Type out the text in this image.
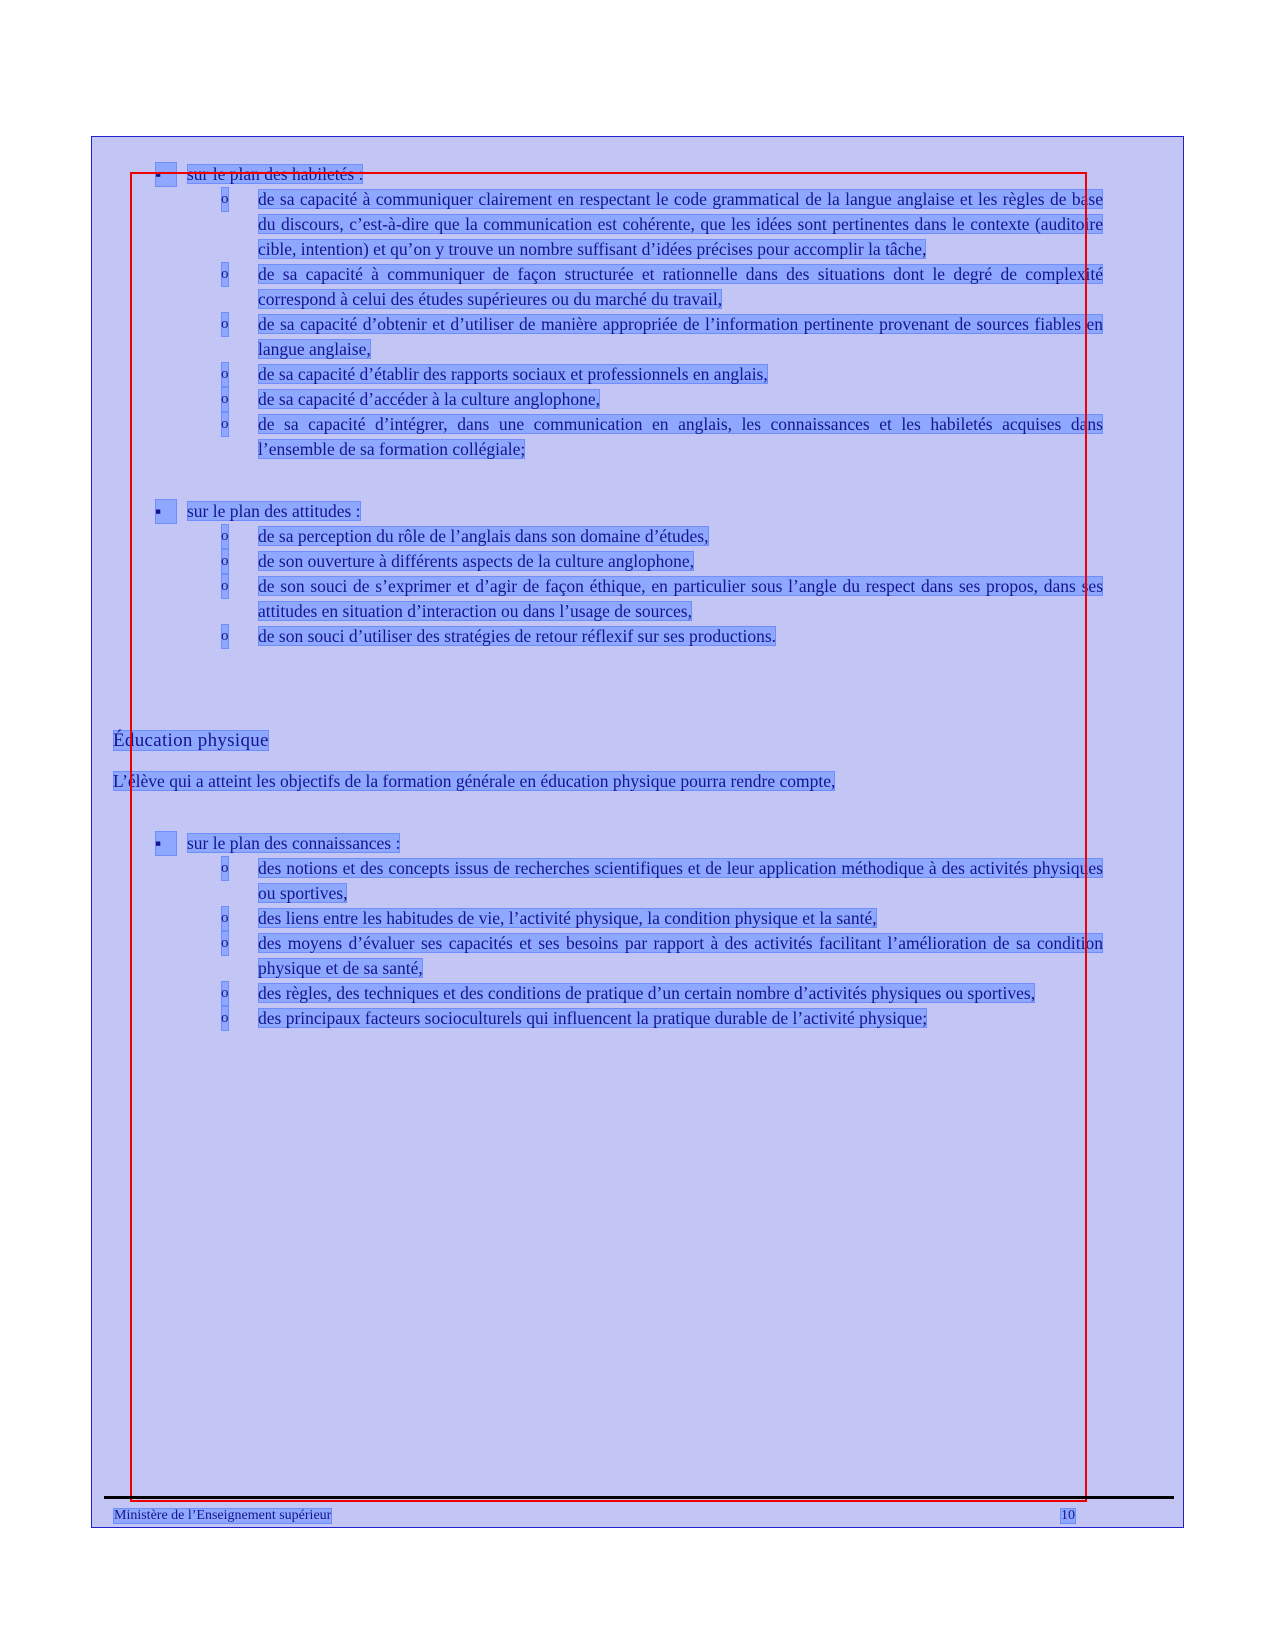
▪	sur le plan des habiletés :
o de sa capacité à communiquer clairement en respectant le code grammatical de la langue anglaise et les règles de base du discours, c’est-à-dire que la communication est cohérente, que les idées sont pertinentes dans le contexte (auditoire cible, intention) et qu’on y trouve un nombre suffisant d’idées précises pour accomplir la tâche,
o de sa capacité à communiquer de façon structurée et rationnelle dans des situations dont le degré de complexité correspond à celui des études supérieures ou du marché du travail,
o de sa capacité d’obtenir et d’utiliser de manière appropriée de l’information pertinente provenant de sources fiables en langue anglaise,
o de sa capacité d’établir des rapports sociaux et professionnels en anglais,
o de sa capacité d’accéder à la culture anglophone,
o de sa capacité d’intégrer, dans une communication en anglais, les connaissances et les habiletés acquises dans l’ensemble de sa formation collégiale;
▪	sur le plan des attitudes :
o de sa perception du rôle de l’anglais dans son domaine d’études,
o de son ouverture à différents aspects de la culture anglophone,
o de son souci de s’exprimer et d’agir de façon éthique, en particulier sous l’angle du respect dans ses propos, dans ses attitudes en situation d’interaction ou dans l’usage de sources,
o de son souci d’utiliser des stratégies de retour réflexif sur ses productions.
Éducation physique
L’élève qui a atteint les objectifs de la formation générale en éducation physique pourra rendre compte,
▪	sur le plan des connaissances :
o des notions et des concepts issus de recherches scientifiques et de leur application méthodique à des activités physiques ou sportives,
o des liens entre les habitudes de vie, l’activité physique, la condition physique et la santé,
o des moyens d’évaluer ses capacités et ses besoins par rapport à des activités facilitant l’amélioration de sa condition physique et de sa santé,
o des règles, des techniques et des conditions de pratique d’un certain nombre d’activités physiques ou sportives,
o des principaux facteurs socioculturels qui influencent la pratique durable de l’activité physique;
Ministère de l’Enseignement supérieur	10
